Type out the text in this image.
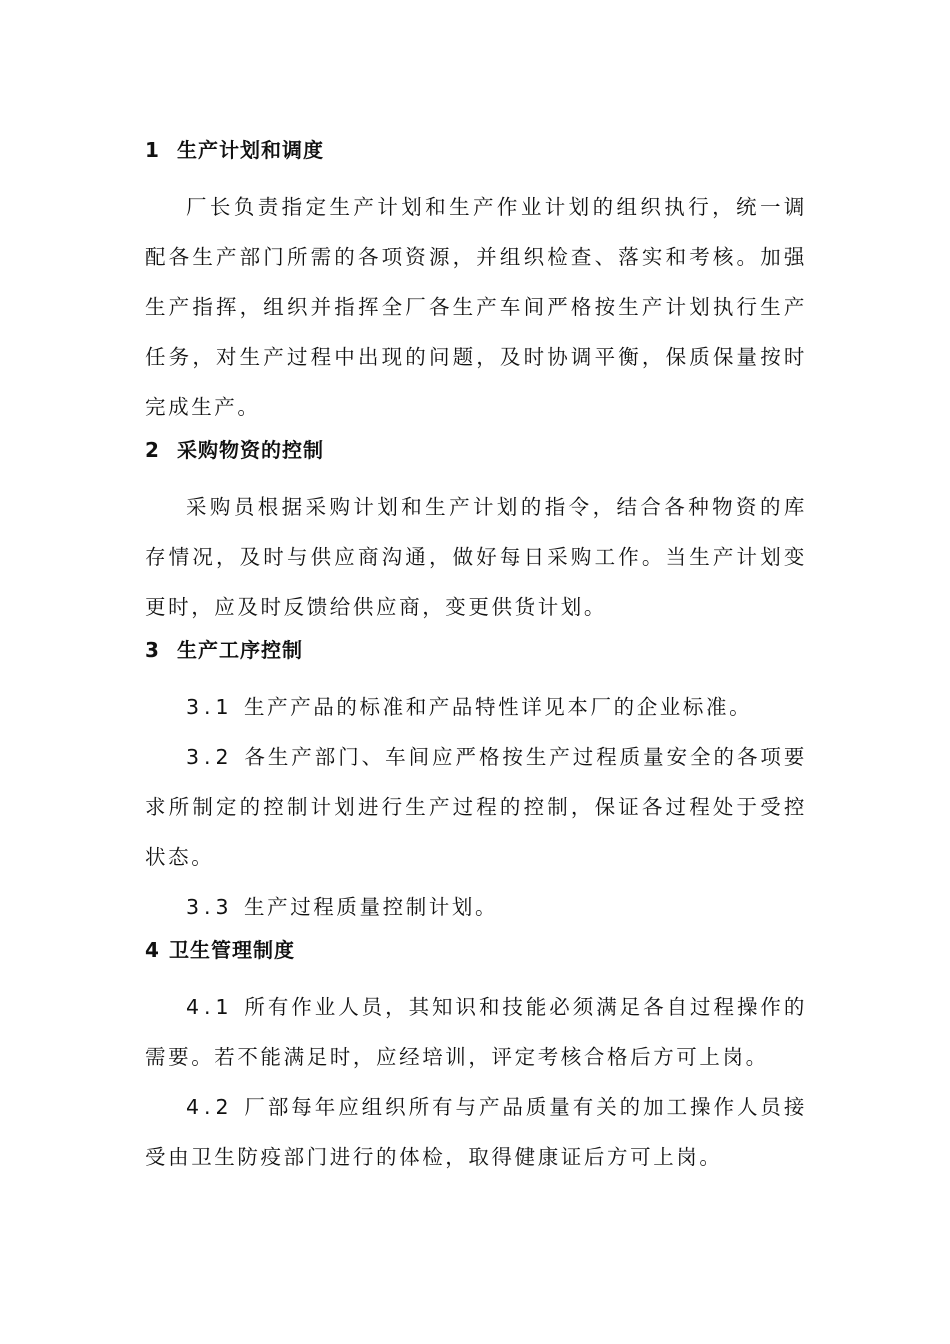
1 生产计划和调度

厂长负责指定生产计划和生产作业计划的组织执行，统一调配各生产部门所需的各项资源，并组织检查、落实和考核。加强生产指挥，组织并指挥全厂各生产车间严格按生产计划执行生产任务，对生产过程中出现的问题，及时协调平衡，保质保量按时完成生产。

2 采购物资的控制

采购员根据采购计划和生产计划的指令，结合各种物资的库存情况，及时与供应商沟通，做好每日采购工作。当生产计划变更时，应及时反馈给供应商，变更供货计划。

3 生产工序控制

3.1 生产产品的标准和产品特性详见本厂的企业标准。

3.2 各生产部门、车间应严格按生产过程质量安全的各项要求所制定的控制计划进行生产过程的控制，保证各过程处于受控状态。

3.3 生产过程质量控制计划。

4 卫生管理制度

4.1 所有作业人员，其知识和技能必须满足各自过程操作的需要。若不能满足时，应经培训，评定考核合格后方可上岗。

4.2 厂部每年应组织所有与产品质量有关的加工操作人员接受由卫生防疫部门进行的体检，取得健康证后方可上岗。
